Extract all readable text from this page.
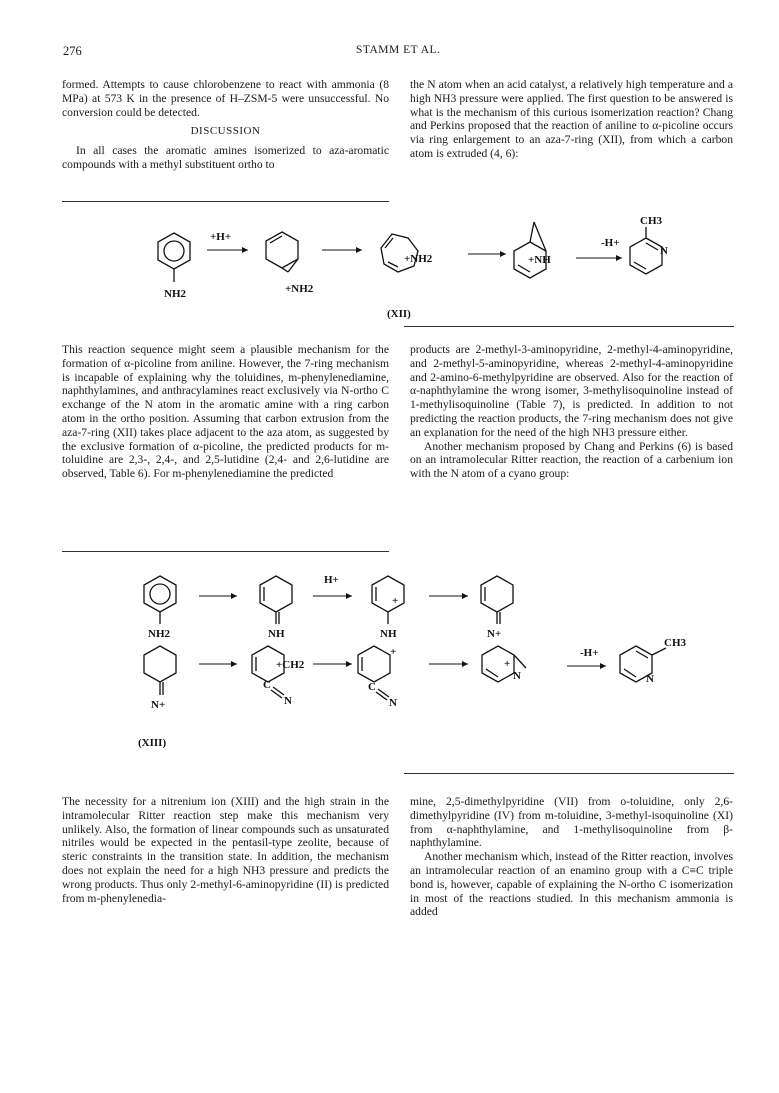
276	STAMM ET AL.

formed. Attempts to cause chlorobenzene to react with ammonia (8 MPa) at 573 K in the presence of H–ZSM-5 were unsuccessful. No conversion could be detected.

DISCUSSION

In all cases the aromatic amines isomerized to aza-aromatic compounds with a methyl substituent ortho to

the N atom when an acid catalyst, a relatively high temperature and a high NH3 pressure were applied. The first question to be answered is what is the mechanism of this curious isomerization reaction? Chang and Perkins proposed that the reaction of aniline to α-picoline occurs via ring enlargement to an aza-7-ring (XII), from which a carbon atom is extruded (4, 6):

NH2
+H+
+NH2
+NH2	+NH
-H+
CH3
N
(XII)

This reaction sequence might seem a plausible mechanism for the formation of α-picoline from aniline. However, the 7-ring mechanism is incapable of explaining why the toluidines, m-phenylenediamine, naphthylamines, and anthracylamines react exclusively via N-ortho C exchange of the N atom in the aromatic amine with a ring carbon atom in the ortho position. Assuming that carbon extrusion from the aza-7-ring (XII) takes place adjacent to the aza atom, as suggested by the exclusive formation of α-picoline, the predicted products for m-toluidine are 2,3-, 2,4-, and 2,5-lutidine (2,4- and 2,6-lutidine are observed, Table 6). For m-phenylenediamine the predicted

products are 2-methyl-3-aminopyridine, 2-methyl-4-aminopyridine, and 2-methyl-5-aminopyridine, whereas 2-methyl-4-aminopyridine and 2-amino-6-methylpyridine are observed. Also for the reaction of α-naphthylamine the wrong isomer, 3-methylisoquinoline instead of 1-methylisoquinoline (Table 7), is predicted. In addition to not predicting the reaction products, the 7-ring mechanism does not give an explanation for the need of the high NH3 pressure either.

Another mechanism proposed by Chang and Perkins (6) is based on an intramolecular Ritter reaction, the reaction of a carbenium ion with the N atom of a cyano group:

NH2	NH
H+
+
NH	N+
N+
+CH2
C
N
+
C
N
+
N
-H+
CH3
N
(XIII)

The necessity for a nitrenium ion (XIII) and the high strain in the intramolecular Ritter reaction step make this mechanism very unlikely. Also, the formation of linear compounds such as unsaturated nitriles would be expected in the pentasil-type zeolite, because of steric constraints in the transition state. In addition, the mechanism does not explain the need for a high NH3 pressure and predicts the wrong products. Thus only 2-methyl-6-aminopyridine (II) is predicted from m-phenylenedia-

mine, 2,5-dimethylpyridine (VII) from o-toluidine, only 2,6-dimethylpyridine (IV) from m-toluidine, 3-methyl-isoquinoline (XI) from α-naphthylamine, and 1-methylisoquinoline from β-naphthylamine.

Another mechanism which, instead of the Ritter reaction, involves an intramolecular reaction of an enamino group with a C≡C triple bond is, however, capable of explaining the N-ortho C isomerization in most of the reactions studied. In this mechanism ammonia is added
